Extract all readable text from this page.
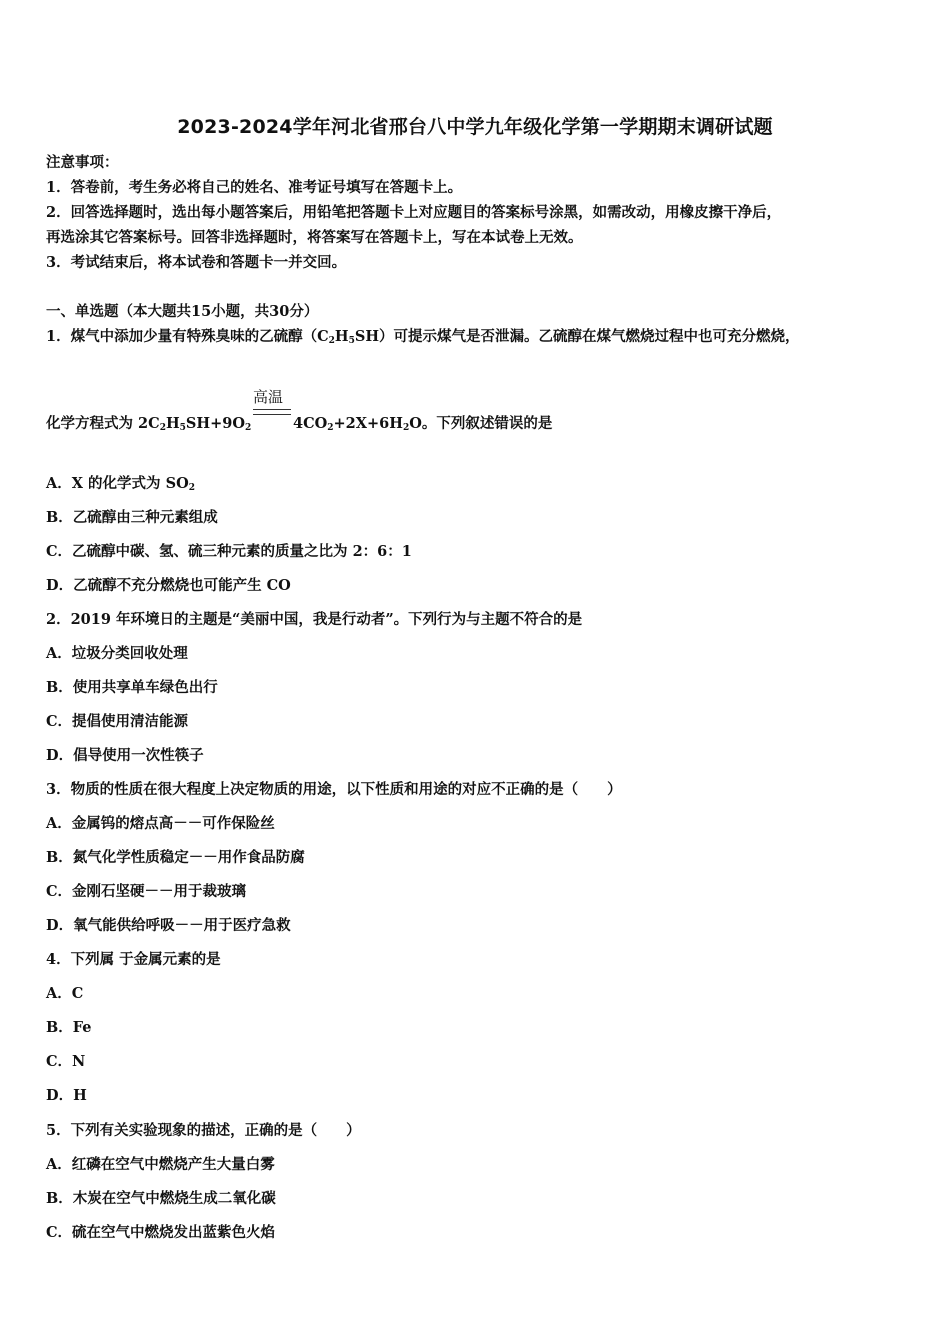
2023-2024学年河北省邢台八中学九年级化学第一学期期末调研试题
注意事项：
1．答卷前，考生务必将自己的姓名、准考证号填写在答题卡上。
2．回答选择题时，选出每小题答案后，用铅笔把答题卡上对应题目的答案标号涂黑，如需改动，用橡皮擦干净后，
再选涂其它答案标号。回答非选择题时，将答案写在答题卡上，写在本试卷上无效。
3．考试结束后，将本试卷和答题卡一并交回。
一、单选题（本大题共15小题，共30分）
1．煤气中添加少量有特殊臭味的乙硫醇$(C_2H_5SH)$可提示煤气是否泄漏。乙硫醇在煤气燃烧过程中也可充分燃烧，
高温
化学方程式为 $2C_2H_5SH+9O_2$	$4CO_2+2X+6H_2O$。下列叙述错误的是
A．X 的化学式为 $SO_2$
B．乙硫醇由三种元素组成
C．乙硫醇中碳、氢、硫三种元素的质量之比为 2：6：1
D．乙硫醇不充分燃烧也可能产生 CO
2．2019 年环境日的主题是“美丽中国，我是行动者”。下列行为与主题不符合的是
A．垃圾分类回收处理
B．使用共享单车绿色出行
C．提倡使用清洁能源
D．倡导使用一次性筷子
3．物质的性质在很大程度上决定物质的用途，以下性质和用途的对应不正确的是（　　）
A．金属钨的熔点高－－可作保险丝
B．氮气化学性质稳定－－用作食品防腐
C．金刚石坚硬－－用于裁玻璃
D．氧气能供给呼吸－－用于医疗急救
4．下列属 于金属元素的是
A．C
B．Fe
C．N
D．H
5．下列有关实验现象的描述，正确的是（　　）
A．红磷在空气中燃烧产生大量白雾
B．木炭在空气中燃烧生成二氧化碳
C．硫在空气中燃烧发出蓝紫色火焰
